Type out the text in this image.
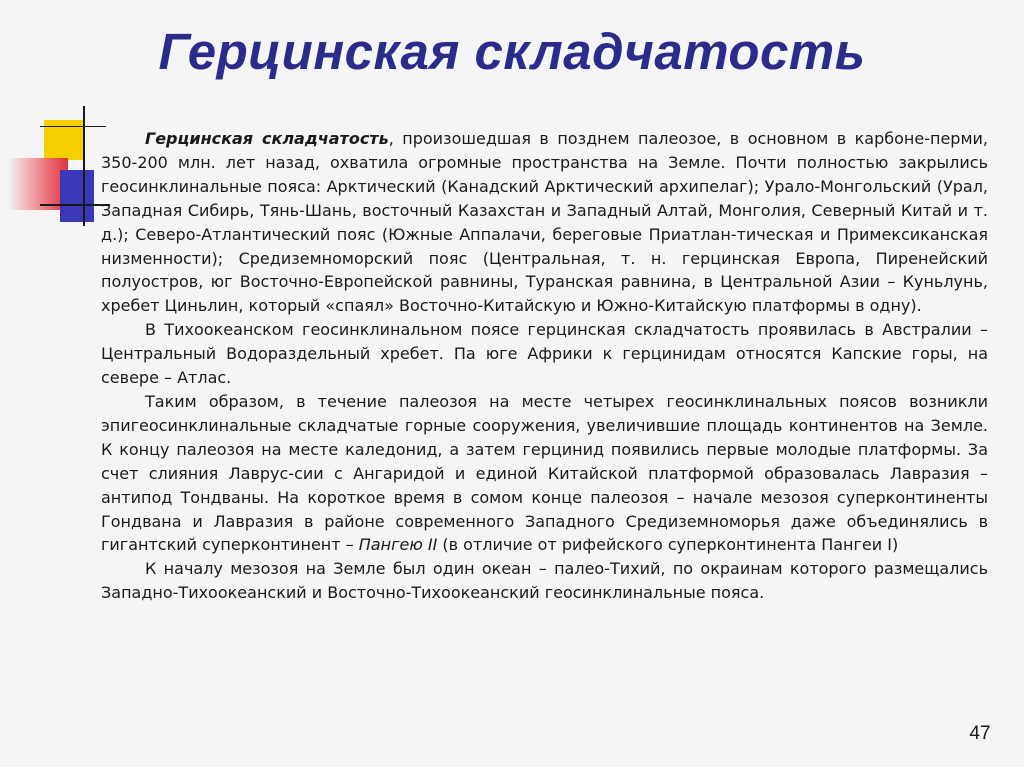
Герцинская складчатость

Герцинская складчатость, произошедшая в позднем палеозое, в основном в карбоне-перми, 350-200 млн. лет назад, охватила огромные пространства на Земле. Почти полностью закрылись геосинклинальные пояса: Арктический (Канадский Арктический архипелаг); Урало-Монгольский (Урал, Западная Сибирь, Тянь-Шань, восточный Казахстан и Западный Алтай, Монголия, Северный Китай и т. д.); Северо-Атлантический пояс (Южные Аппалачи, береговые Приатлан-тическая и Примексиканская низменности); Средиземноморский пояс (Центральная, т. н. герцинская Европа, Пиренейский полуостров, юг Восточно-Европейской равнины, Туранская равнина, в Центральной Азии – Куньлунь, хребет Циньлин, который «спаял» Восточно-Китайскую и Южно-Китайскую платформы в одну).

В Тихоокеанском геосинклинальном поясе герцинская складчатость проявилась в Австралии – Центральный Водораздельный хребет. Па юге Африки к герцинидам относятся Капские горы, на севере – Атлас.

Таким образом, в течение палеозоя на месте четырех геосинклинальных поясов возникли эпигеосинклинальные складчатые горные сооружения, увеличившие площадь континентов на Земле. К концу палеозоя на месте каледонид, а затем герцинид появились первые молодые платформы. За счет слияния Лаврус-сии с Ангаридой и единой Китайской платформой образовалась Лавразия – антипод Тондваны. На короткое время в сомом конце палеозоя – начале мезозоя суперконтиненты Гондвана и Лавразия в районе современного Западного Средиземноморья даже объединялись в гигантский суперконтинент – Пангею II (в отличие от рифейского суперконтинента Пангеи I)

К началу мезозоя на Земле был один океан – палео-Тихий, по окраинам которого размещались Западно-Тихоокеанский и Восточно-Тихоокеанский геосинклинальные пояса.

47
